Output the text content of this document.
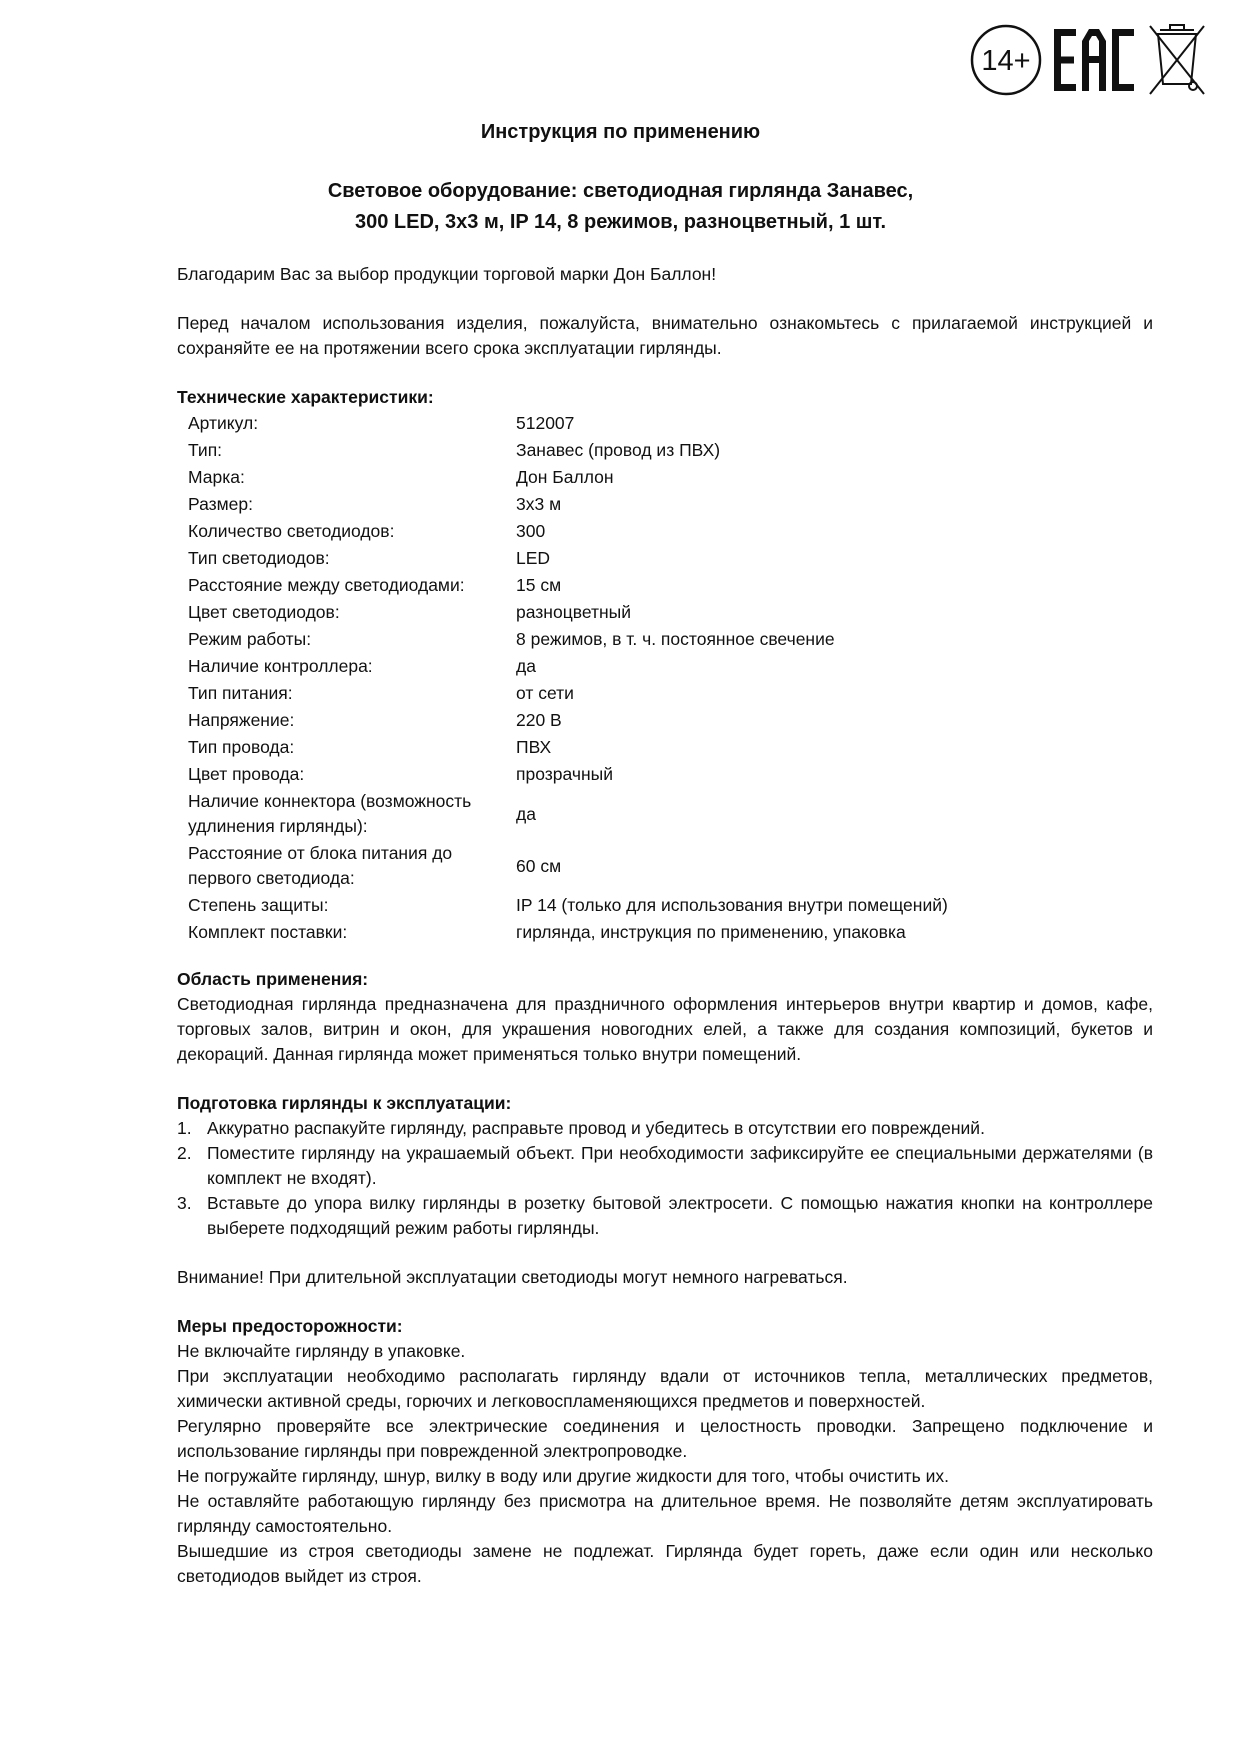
14+
Инструкция по применению
Световое оборудование: светодиодная гирлянда Занавес,
300 LED, 3х3 м, IP 14, 8 режимов, разноцветный, 1 шт.

Благодарим Вас за выбор продукции торговой марки Дон Баллон!

Перед началом использования изделия, пожалуйста, внимательно ознакомьтесь с прилагаемой инструкцией и сохраняйте ее на протяжении всего срока эксплуатации гирлянды.

Технические характеристики:

Артикул:	512007
Тип:	Занавес (провод из ПВХ)
Марка:	Дон Баллон
Размер:	3х3 м
Количество светодиодов:	300
Тип светодиодов:	LED
Расстояние между светодиодами:	15 см
Цвет светодиодов:	разноцветный
Режим работы:	8 режимов, в т. ч. постоянное свечение
Наличие контроллера:	да
Тип питания:	от сети
Напряжение:	220 В
Тип провода:	ПВХ
Цвет провода:	прозрачный
Наличие коннектора (возможность удлинения гирлянды):	да
Расстояние от блока питания до первого светодиода:	60 см
Степень защиты:	IP 14 (только для использования внутри помещений)
Комплект поставки:	гирлянда, инструкция по применению, упаковка

Область применения:

Светодиодная гирлянда предназначена для праздничного оформления интерьеров внутри квартир и домов, кафе, торговых залов, витрин и окон, для украшения новогодних елей, а также для создания композиций, букетов и декораций. Данная гирлянда может применяться только внутри помещений.

Подготовка гирлянды к эксплуатации:

1. Аккуратно распакуйте гирлянду, расправьте провод и убедитесь в отсутствии его повреждений.
2. Поместите гирлянду на украшаемый объект. При необходимости зафиксируйте ее специальными держателями (в комплект не входят).
3. Вставьте до упора вилку гирлянды в розетку бытовой электросети. С помощью нажатия кнопки на контроллере выберете подходящий режим работы гирлянды.

Внимание! При длительной эксплуатации светодиоды могут немного нагреваться.

Меры предосторожности:

Не включайте гирлянду в упаковке.

При эксплуатации необходимо располагать гирлянду вдали от источников тепла, металлических предметов, химически активной среды, горючих и легковоспламеняющихся предметов и поверхностей.

Регулярно проверяйте все электрические соединения и целостность проводки. Запрещено подключение и использование гирлянды при поврежденной электропроводке.

Не погружайте гирлянду, шнур, вилку в воду или другие жидкости для того, чтобы очистить их.

Не оставляйте работающую гирлянду без присмотра на длительное время. Не позволяйте детям эксплуатировать гирлянду самостоятельно.

Вышедшие из строя светодиоды замене не подлежат. Гирлянда будет гореть, даже если один или несколько светодиодов выйдет из строя.
